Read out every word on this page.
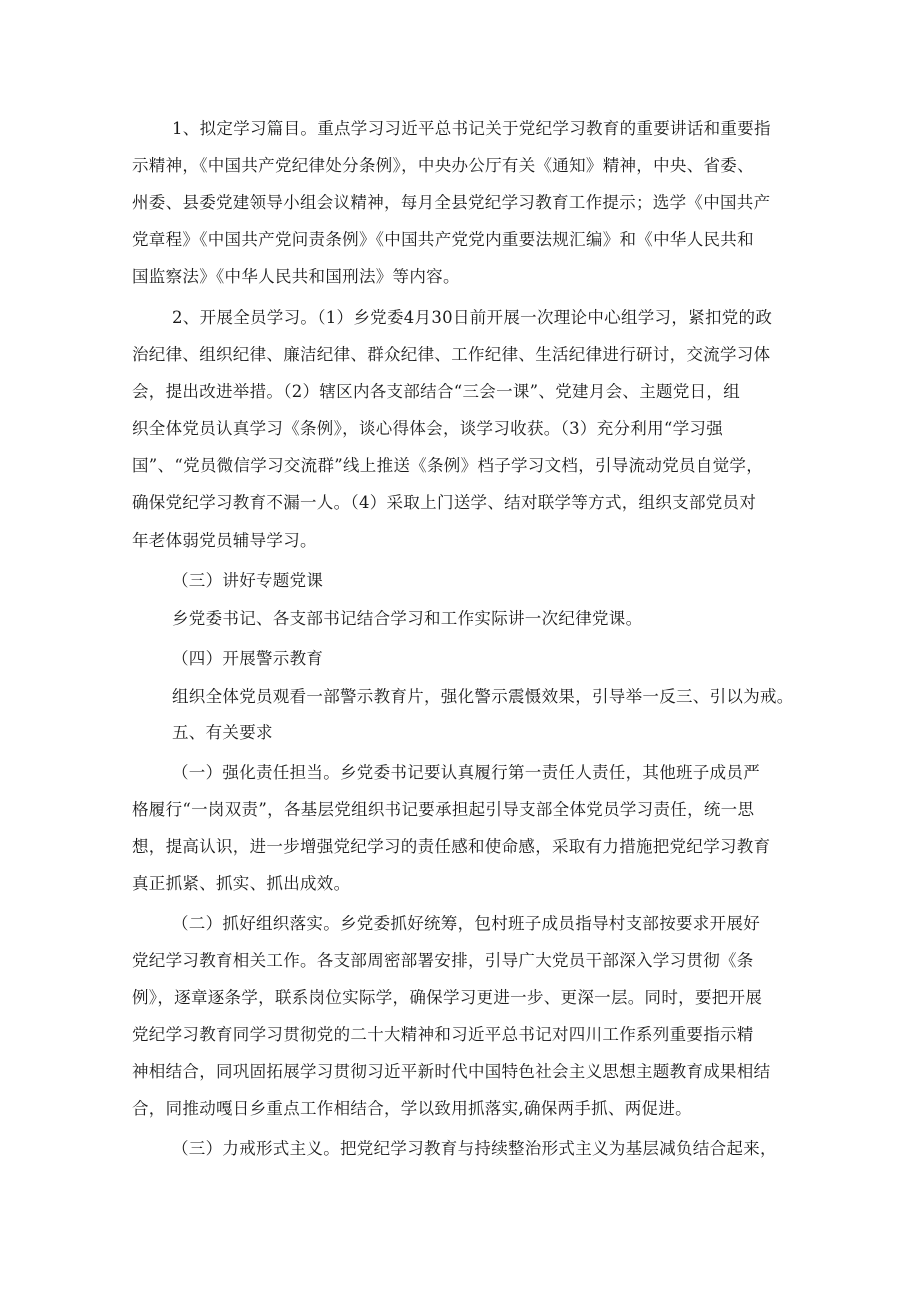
1、拟定学习篇目。重点学习习近平总书记关于党纪学习教育的重要讲话和重要指
示精神，《中国共产党纪律处分条例》，中央办公厅有关《通知》精神，中央、省委、
州委、县委党建领导小组会议精神，每月全县党纪学习教育工作提示；选学《中国共产
党章程》《中国共产党问责条例》《中国共产党党内重要法规汇编》和《中华人民共和
国监察法》《中华人民共和国刑法》等内容。
2、开展全员学习。（1）乡党委4月30日前开展一次理论中心组学习，紧扣党的政
治纪律、组织纪律、廉洁纪律、群众纪律、工作纪律、生活纪律进行研讨，交流学习体
会，提出改进举措。（2）辖区内各支部结合“三会一课”、党建月会、主题党日，组
织全体党员认真学习《条例》，谈心得体会，谈学习收获。（3）充分利用“学习强
国”、“党员微信学习交流群”线上推送《条例》档子学习文档，引导流动党员自觉学，
确保党纪学习教育不漏一人。（4）采取上门送学、结对联学等方式，组织支部党员对
年老体弱党员辅导学习。
（三）讲好专题党课
乡党委书记、各支部书记结合学习和工作实际讲一次纪律党课。
（四）开展警示教育
组织全体党员观看一部警示教育片，强化警示震慑效果，引导举一反三、引以为戒。
五、有关要求
（一）强化责任担当。乡党委书记要认真履行第一责任人责任，其他班子成员严
格履行“一岗双责”，各基层党组织书记要承担起引导支部全体党员学习责任，统一思
想，提高认识，进一步增强党纪学习的责任感和使命感，采取有力措施把党纪学习教育
真正抓紧、抓实、抓出成效。
（二）抓好组织落实。乡党委抓好统筹，包村班子成员指导村支部按要求开展好
党纪学习教育相关工作。各支部周密部署安排，引导广大党员干部深入学习贯彻《条
例》，逐章逐条学，联系岗位实际学，确保学习更进一步、更深一层。同时，要把开展
党纪学习教育同学习贯彻党的二十大精神和习近平总书记对四川工作系列重要指示精
神相结合，同巩固拓展学习贯彻习近平新时代中国特色社会主义思想主题教育成果相结
合，同推动嘎日乡重点工作相结合，学以致用抓落实,确保两手抓、两促进。
（三）力戒形式主义。把党纪学习教育与持续整治形式主义为基层减负结合起来，
